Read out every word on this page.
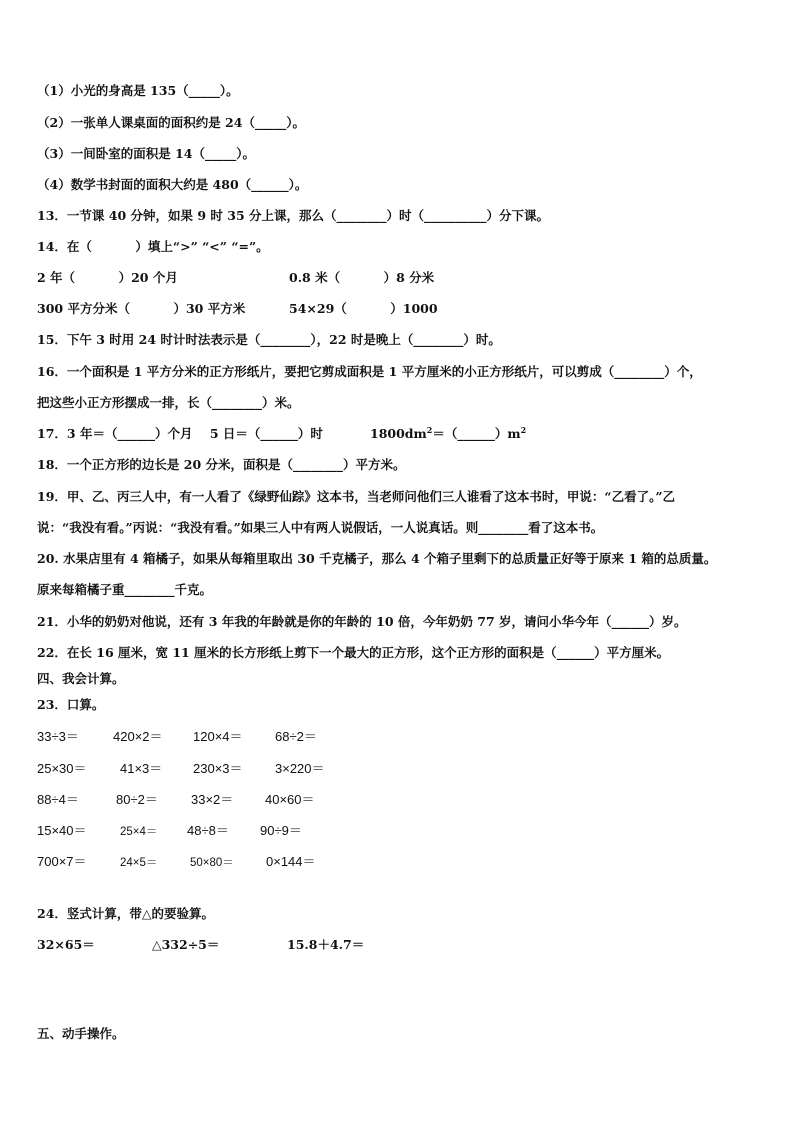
（1）小光的身高是 135（_____）。
（2）一张单人课桌面的面积约是 24（_____）。
（3）一间卧室的面积是 14（_____）。
（4）数学书封面的面积大约是 480（______）。
13．一节课 40 分钟，如果 9 时 35 分上课，那么（________）时（__________）分下课。
14．在（          ）填上“>” “<” “=”。
2 年（          ）20 个月	0.8 米（          ）8 分米
300 平方分米（          ）30 平方米	54×29（          ）1000
15．下午 3 时用 24 时计时法表示是（________），22 时是晚上（________）时。
16．一个面积是 1 平方分米的正方形纸片，要把它剪成面积是 1 平方厘米的小正方形纸片，可以剪成（________）个，
把这些小正方形摆成一排，长（________）米。
17．3 年＝（______）个月    5 日＝（______）时	$1800dm^2=(\_\_\_\_\_\_)m^2$
18．一个正方形的边长是 20 分米，面积是（________）平方米。
19．甲、乙、丙三人中，有一人看了《绿野仙踪》这本书，当老师问他们三人谁看了这本书时，甲说：“乙看了。”乙
说：“我没有看。”丙说：“我没有看。”如果三人中有两人说假话，一人说真话。则________看了这本书。
20. 水果店里有 4 箱橘子，如果从每箱里取出 30 千克橘子，那么 4 个箱子里剩下的总质量正好等于原来 1 箱的总质量。
原来每箱橘子重________千克。
21．小华的奶奶对他说，还有 3 年我的年龄就是你的年龄的 10 倍，今年奶奶 77 岁，请问小华今年（______）岁。
22．在长 16 厘米，宽 11 厘米的长方形纸上剪下一个最大的正方形，这个正方形的面积是（______）平方厘米。
四、我会计算。
23．口算。
33÷3＝	420×2＝ 120×4＝ 68÷2＝
25×30＝	41×3＝ 230×3＝ 3×220＝
88÷4＝	80÷2＝	33×2＝ 40×60＝
15×40＝	25×4＝ 48÷8＝ 90÷9＝
700×7＝	24×5＝	50×80＝ 0×144＝
24．竖式计算，带△的要验算。
32×65＝	△332÷5＝	15.8＋4.7＝
五、动手操作。
